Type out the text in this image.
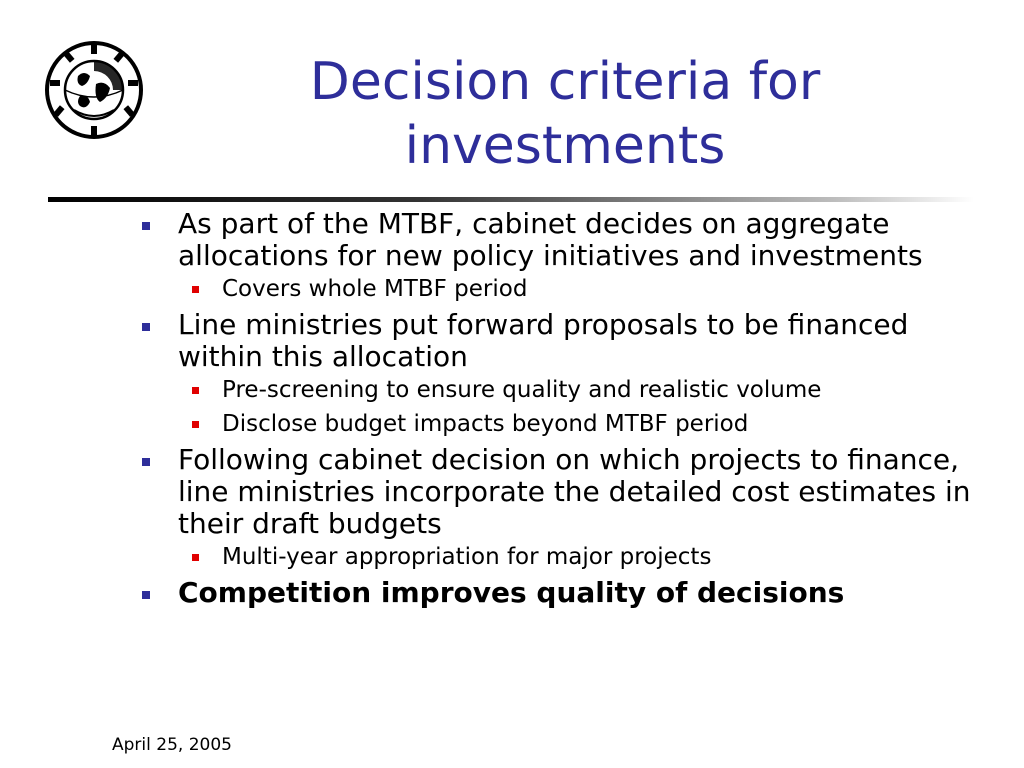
Decision criteria for
investments
As part of the MTBF, cabinet decides on aggregate allocations for new policy initiatives and investments
Covers whole MTBF period
Line ministries put forward proposals to be financed within this allocation
Pre-screening to ensure quality and realistic volume
Disclose budget impacts beyond MTBF period
Following cabinet decision on which projects to finance, line ministries incorporate the detailed cost estimates in their draft budgets
Multi-year appropriation for major projects
Competition improves quality of decisions
April 25, 2005
